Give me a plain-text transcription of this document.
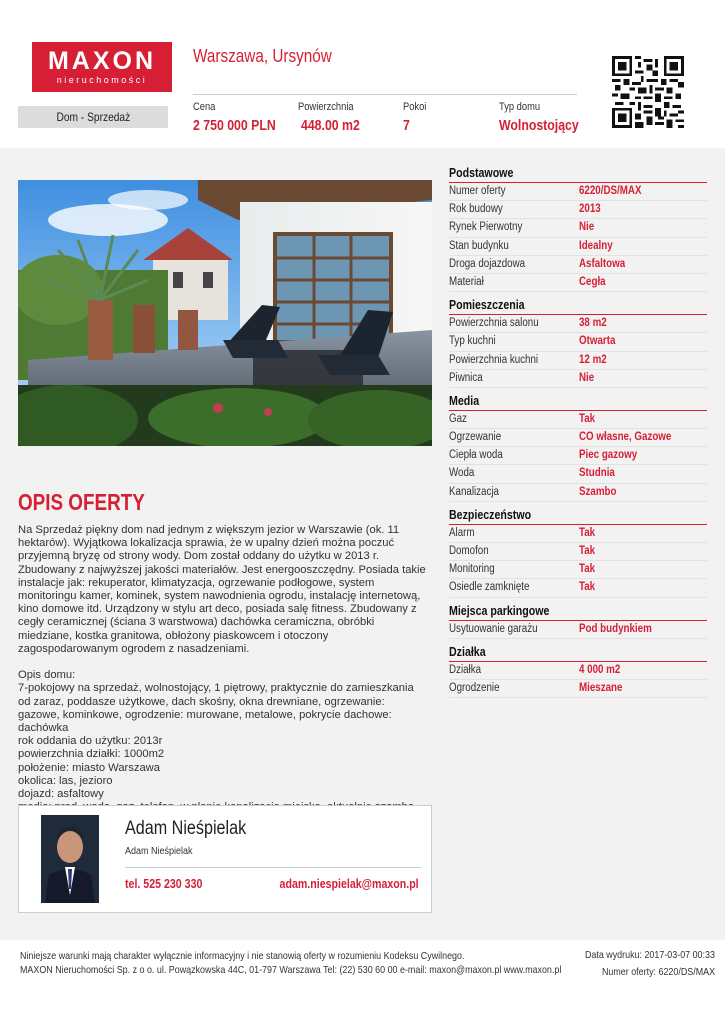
MAXON
nieruchomości
Warszawa, Ursynów
Dom - Sprzedaż
Cena
2 750 000 PLN
Powierzchnia
448.00 m2
Pokoi
7
Typ domu
Wolnostojący
OPIS OFERTY
Na Sprzedaż piękny dom nad jednym z większym jezior w Warszawie (ok. 11 hektarów). Wyjątkowa lokalizacja sprawia, że w upalny dzień można poczuć przyjemną bryzę od strony wody. Dom został oddany do użytku w 2013 r. Zbudowany z najwyższej jakości materiałów. Jest energooszczędny. Posiada takie instalacje jak: rekuperator, klimatyzacja, ogrzewanie podłogowe, system monitoringu kamer, kominek, system nawodnienia ogrodu, instalację internetową, kino domowe itd. Urządzony w stylu art deco, posiada salę fitness. Zbudowany z cegły ceramicznej (ściana 3 warstwowa) dachówka ceramiczna, obróbki miedziane, kostka granitowa, obłożony piaskowcem i otoczony zagospodarowanym ogrodem z nasadzeniami.

Opis domu:
7-pokojowy na sprzedaż, wolnostojący, 1 piętrowy, praktycznie do zamieszkania od zaraz, poddasze użytkowe, dach skośny, okna drewniane, ogrzewanie: gazowe, kominkowe, ogrodzenie: murowane, metalowe, pokrycie dachowe: dachówka
rok oddania do użytku: 2013r
powierzchnia działki: 1000m2
położenie: miasto Warszawa
okolica: las, jezioro
dojazd: asfaltowy

Adam Nieśpielak
Adam Nieśpielak
tel. 525 230 330	adam.niespielak@maxon.pl
Podstawowe
Numer oferty	6220/DS/MAX
Rok budowy	2013
Rynek Pierwotny	Nie
Stan budynku	Idealny
Droga dojazdowa	Asfaltowa
Materiał	Cegła
Pomieszczenia
Powierzchnia salonu	38 m2
Typ kuchni	Otwarta
Powierzchnia kuchni	12 m2
Piwnica	Nie
Media
Gaz	Tak
Ogrzewanie	CO własne, Gazowe
Ciepła woda	Piec gazowy
Woda	Studnia
Kanalizacja	Szambo
Bezpieczeństwo
Alarm	Tak
Domofon	Tak
Monitoring	Tak
Osiedle zamknięte	Tak
Miejsca parkingowe
Usytuowanie garażu	Pod budynkiem
Działka
Działka	4 000 m2
Ogrodzenie	Mieszane
Niniejsze warunki mają charakter wyłącznie informacyjny i nie stanowią oferty w rozumieniu Kodeksu Cywilnego.
MAXON Nieruchomości Sp. z o o. ul. Powązkowska 44C, 01-797 Warszawa Tel: (22) 530 60 00 e-mail: maxon@maxon.pl www.maxon.pl
Data wydruku: 2017-03-07 00:33
Numer oferty: 6220/DS/MAX
